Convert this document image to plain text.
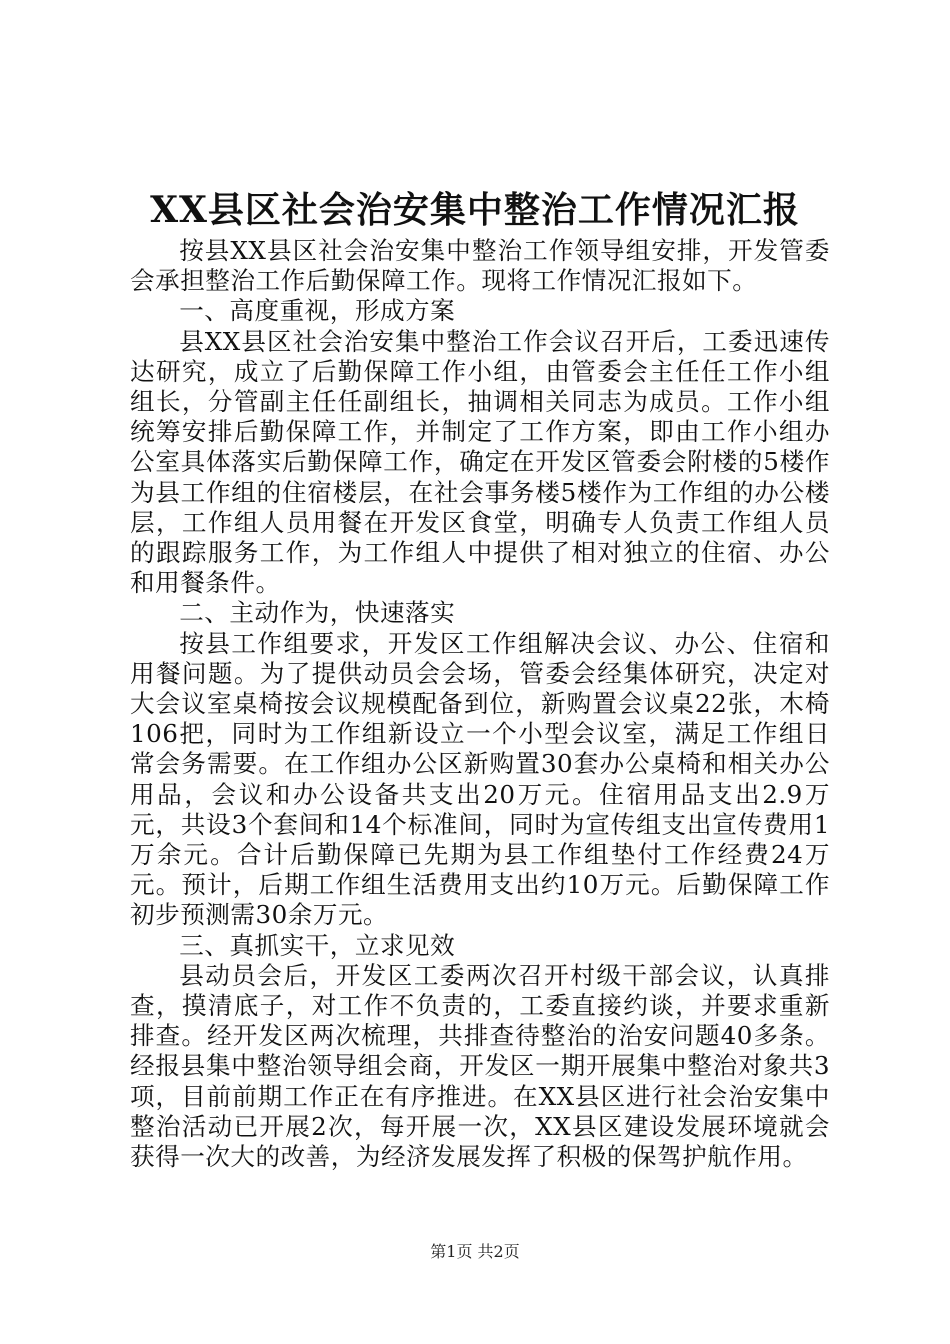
XX县区社会治安集中整治工作情况汇报

按县XX县区社会治安集中整治工作领导组安排，开发管委会承担整治工作后勤保障工作。现将工作情况汇报如下。

一、高度重视，形成方案

县XX县区社会治安集中整治工作会议召开后，工委迅速传达研究，成立了后勤保障工作小组，由管委会主任任工作小组组长，分管副主任任副组长，抽调相关同志为成员。工作小组统筹安排后勤保障工作，并制定了工作方案，即由工作小组办公室具体落实后勤保障工作，确定在开发区管委会附楼的5楼作为县工作组的住宿楼层，在社会事务楼5楼作为工作组的办公楼层，工作组人员用餐在开发区食堂，明确专人负责工作组人员的跟踪服务工作，为工作组人中提供了相对独立的住宿、办公和用餐条件。

二、主动作为，快速落实

按县工作组要求，开发区工作组解决会议、办公、住宿和用餐问题。为了提供动员会会场，管委会经集体研究，决定对大会议室桌椅按会议规模配备到位，新购置会议桌22张，木椅106把，同时为工作组新设立一个小型会议室，满足工作组日常会务需要。在工作组办公区新购置30套办公桌椅和相关办公用品，会议和办公设备共支出20万元。住宿用品支出2.9万元，共设3个套间和14个标准间，同时为宣传组支出宣传费用1万余元。合计后勤保障已先期为县工作组垫付工作经费24万元。预计，后期工作组生活费用支出约10万元。后勤保障工作初步预测需30余万元。

三、真抓实干，立求见效

县动员会后，开发区工委两次召开村级干部会议，认真排查，摸清底子，对工作不负责的，工委直接约谈，并要求重新排查。经开发区两次梳理，共排查待整治的治安问题40多条。经报县集中整治领导组会商，开发区一期开展集中整治对象共3项，目前前期工作正在有序推进。在XX县区进行社会治安集中整治活动已开展2次，每开展一次，XX县区建设发展环境就会获得一次大的改善，为经济发展发挥了积极的保驾护航作用。

第1页 共2页
